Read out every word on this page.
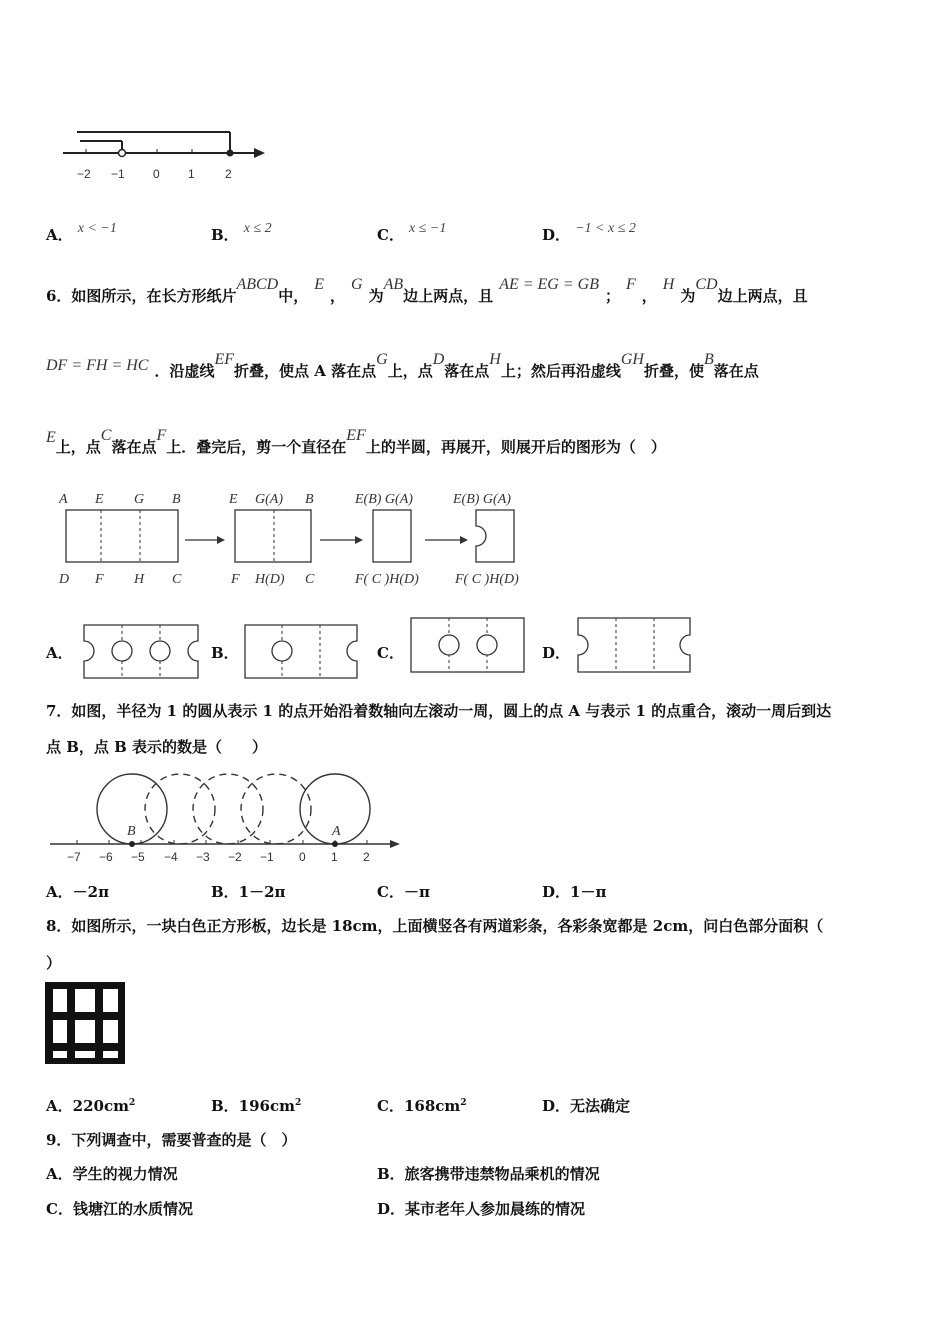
−2 −1 0 1	2
A． x < −1	B． x ≤ 2	C． x ≤ −1	D． −1 < x ≤ 2
6．如图所示，在长方形纸片ABCD中，E，G为AB边上两点，且AE = EG = GB；F，H为CD边上两点，且
DF = FH = HC ．沿虚线EF折叠，使点 A 落在点G上，点D落在点H上；然后再沿虚线GH折叠，使B落在点
E上，点C落在点F上．叠完后，剪一个直径在EF上的半圆，再展开，则展开后的图形为（　）
A E G B
D F H C
E G(A) B
F H(D) C
E(B) G(A)
F( C )H(D)
E(B) G(A)
F( C )H(D)
A．	B．	C．	D．
7．如图，半径为 1 的圆从表示 1 的点开始沿着数轴向左滚动一周，圆上的点 A 与表示 1 的点重合，滚动一周后到达
点 B，点 B 表示的数是（　　）
B	A
−7 −6 −5 −4 −3 −2 −1 0 1 2
A．－2π	B．1－2π	C．－π	D．1－π
8．如图所示，一块白色正方形板，边长是 18cm，上面横竖各有两道彩条，各彩条宽都是 2cm，问白色部分面积（
）
A．$220cm^2$	B．$196cm^2$	C．$168cm^2$	D．无法确定
9．下列调查中，需要普查的是（　）
A．学生的视力情况	B．旅客携带违禁物品乘机的情况
C．钱塘江的水质情况	D．某市老年人参加晨练的情况
